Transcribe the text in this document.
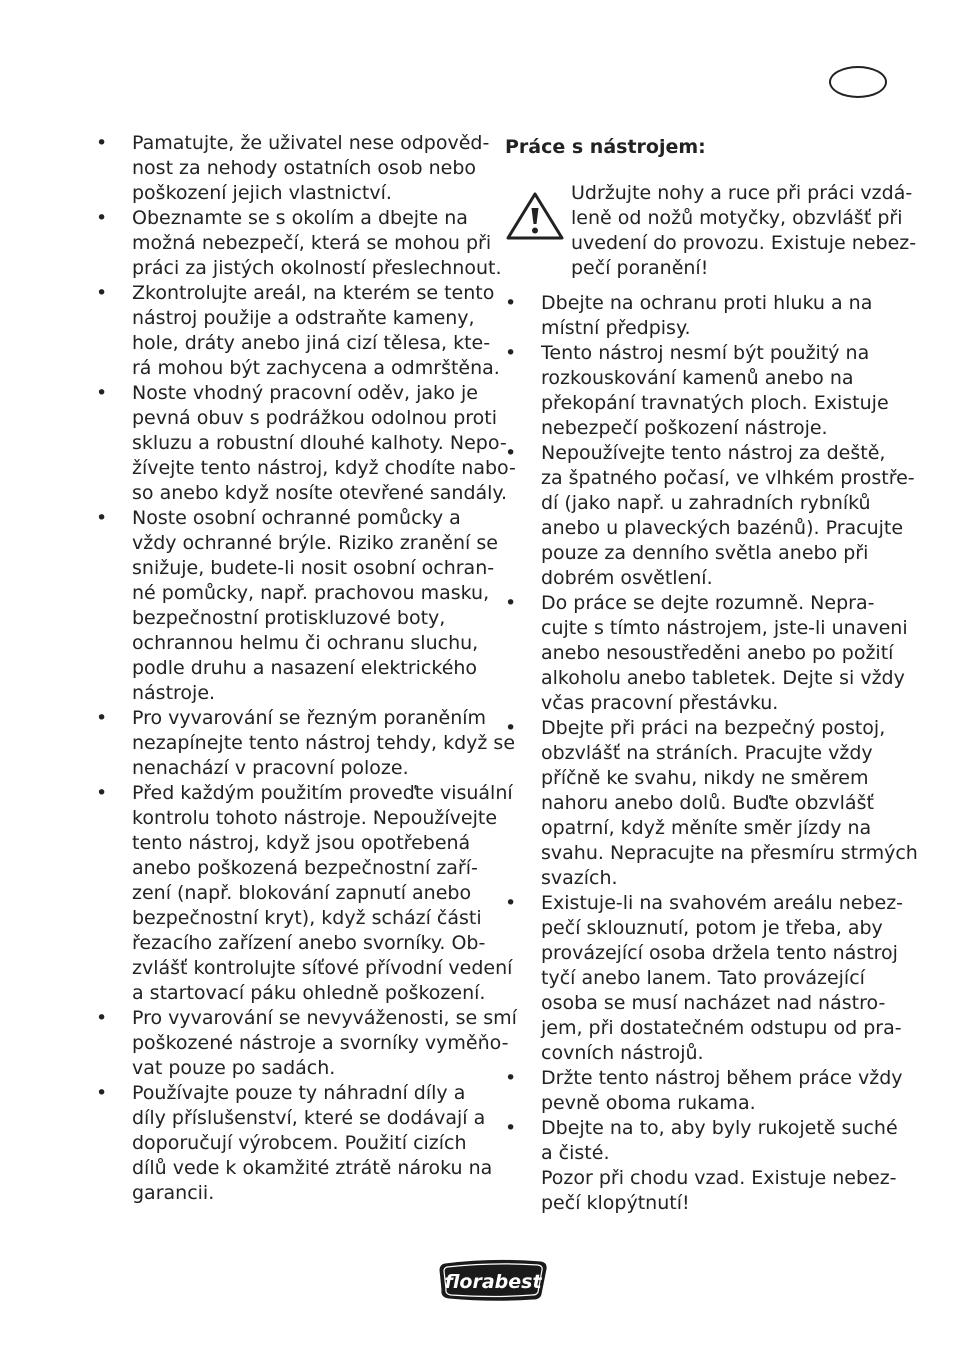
• Pamatujte, že uživatel nese odpověd-
nost za nehody ostatních osob nebo
poškození jejich vlastnictví.
• Obeznamte se s okolím a dbejte na
možná nebezpečí, která se mohou při
práci za jistých okolností přeslechnout.
• Zkontrolujte areál, na kterém se tento
nástroj použije a odstraňte kameny,
hole, dráty anebo jiná cizí tělesa, kte-
rá mohou být zachycena a odmrštěna.
• Noste vhodný pracovní oděv, jako je
pevná obuv s podrážkou odolnou proti
skluzu a robustní dlouhé kalhoty. Nepo-
žívejte tento nástroj, když chodíte nabo-
so anebo když nosíte otevřené sandály.
• Noste osobní ochranné pomůcky a
vždy ochranné brýle. Riziko zranění se
snižuje, budete-li nosit osobní ochran-
né pomůcky, např. prachovou masku,
bezpečnostní protiskluzové boty,
ochrannou helmu či ochranu sluchu,
podle druhu a nasazení elektrického
nástroje.
• Pro vyvarování se řezným poraněním
nezapínejte tento nástroj tehdy, když se
nenachází v pracovní poloze.
• Před každým použitím proveďte visuální
kontrolu tohoto nástroje. Nepoužívejte
tento nástroj, když jsou opotřebená
anebo poškozená bezpečnostní zaří-
zení (např. blokování zapnutí anebo
bezpečnostní kryt), když schází části
řezacího zařízení anebo svorníky. Ob-
zvlášť kontrolujte síťové přívodní vedení
a startovací páku ohledně poškození.
• Pro vyvarování se nevyváženosti, se smí
poškozené nástroje a svorníky vyměňo-
vat pouze po sadách.
• Používajte pouze ty náhradní díly a
díly příslušenství, které se dodávají a
doporučují výrobcem. Použití cizích
dílů vede k okamžité ztrátě nároku na
garancii.
Práce s nástrojem:
Udržujte nohy a ruce při práci vzdá-
leně od nožů motyčky, obzvlášť při
uvedení do provozu. Existuje nebez-
pečí poranění!
• Dbejte na ochranu proti hluku a na
místní předpisy.
• Tento nástroj nesmí být použitý na
rozkouskování kamenů anebo na
překopání travnatých ploch. Existuje
nebezpečí poškození nástroje.
• Nepoužívejte tento nástroj za deště,
za špatného počasí, ve vlhkém prostře-
dí (jako např. u zahradních rybníků
anebo u plaveckých bazénů). Pracujte
pouze za denního světla anebo při
dobrém osvětlení.
• Do práce se dejte rozumně. Nepra-
cujte s tímto nástrojem, jste-li unaveni
anebo nesoustředěni anebo po požití
alkoholu anebo tabletek. Dejte si vždy
včas pracovní přestávku.
• Dbejte při práci na bezpečný postoj,
obzvlášť na stráních. Pracujte vždy
příčně ke svahu, nikdy ne směrem
nahoru anebo dolů. Buďte obzvlášť
opatrní, když měníte směr jízdy na
svahu. Nepracujte na přesmíru strmých
svazích.
• Existuje-li na svahovém areálu nebez-
pečí sklouznutí, potom je třeba, aby
provázející osoba držela tento nástroj
tyčí anebo lanem. Tato provázející
osoba se musí nacházet nad nástro-
jem, při dostatečném odstupu od pra-
covních nástrojů.
• Držte tento nástroj během práce vždy
pevně oboma rukama.
• Dbejte na to, aby byly rukojetě suché
a čisté.
Pozor při chodu vzad. Existuje nebez-
pečí klopýtnutí!
florabest
